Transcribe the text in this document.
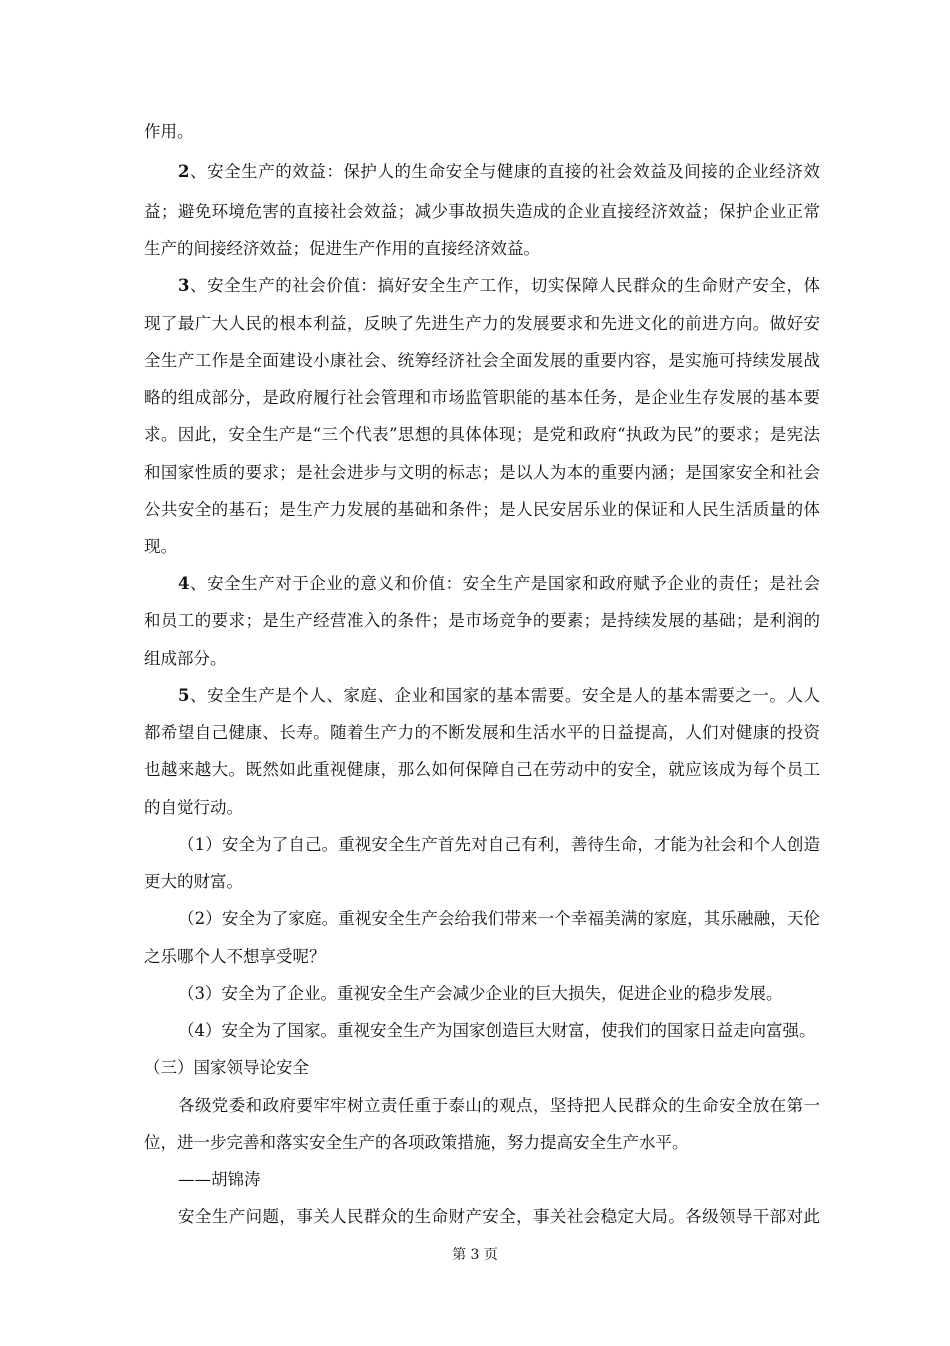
作用。
2、安全生产的效益：保护人的生命安全与健康的直接的社会效益及间接的企业经济效
益；避免环境危害的直接社会效益；减少事故损失造成的企业直接经济效益；保护企业正常
生产的间接经济效益；促进生产作用的直接经济效益。
3、安全生产的社会价值：搞好安全生产工作，切实保障人民群众的生命财产安全，体
现了最广大人民的根本利益，反映了先进生产力的发展要求和先进文化的前进方向。做好安
全生产工作是全面建设小康社会、统筹经济社会全面发展的重要内容，是实施可持续发展战
略的组成部分，是政府履行社会管理和市场监管职能的基本任务，是企业生存发展的基本要
求。因此，安全生产是“三个代表”思想的具体体现；是党和政府“执政为民”的要求；是宪法
和国家性质的要求；是社会进步与文明的标志；是以人为本的重要内涵；是国家安全和社会
公共安全的基石；是生产力发展的基础和条件；是人民安居乐业的保证和人民生活质量的体
现。
4、安全生产对于企业的意义和价值：安全生产是国家和政府赋予企业的责任；是社会
和员工的要求；是生产经营准入的条件；是市场竞争的要素；是持续发展的基础；是利润的
组成部分。
5、安全生产是个人、家庭、企业和国家的基本需要。安全是人的基本需要之一。人人
都希望自己健康、长寿。随着生产力的不断发展和生活水平的日益提高，人们对健康的投资
也越来越大。既然如此重视健康，那么如何保障自己在劳动中的安全，就应该成为每个员工
的自觉行动。
（1）安全为了自己。重视安全生产首先对自己有利，善待生命，才能为社会和个人创造
更大的财富。
（2）安全为了家庭。重视安全生产会给我们带来一个幸福美满的家庭，其乐融融，天伦
之乐哪个人不想享受呢？
（3）安全为了企业。重视安全生产会减少企业的巨大损失，促进企业的稳步发展。
（4）安全为了国家。重视安全生产为国家创造巨大财富，使我们的国家日益走向富强。
（三）国家领导论安全
各级党委和政府要牢牢树立责任重于泰山的观点，坚持把人民群众的生命安全放在第一
位，进一步完善和落实安全生产的各项政策措施，努力提高安全生产水平。
——胡锦涛
安全生产问题，事关人民群众的生命财产安全，事关社会稳定大局。各级领导干部对此
第 3 页
